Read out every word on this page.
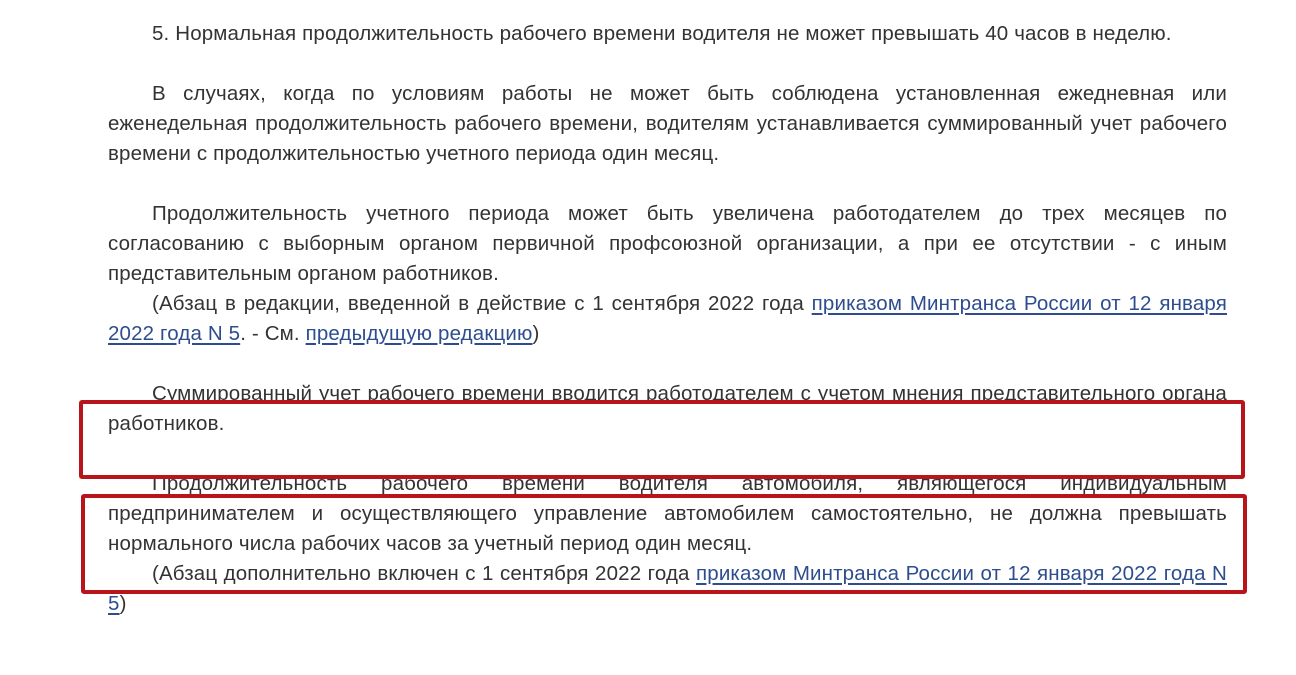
5. Нормальная продолжительность рабочего времени водителя не может превышать 40 часов в неделю.

В случаях, когда по условиям работы не может быть соблюдена установленная ежедневная или еженедельная продолжительность рабочего времени, водителям устанавливается суммированный учет рабочего времени с продолжительностью учетного периода один месяц.

Продолжительность учетного периода может быть увеличена работодателем до трех месяцев по согласованию с выборным органом первичной профсоюзной организации, а при ее отсутствии - с иным представительным органом работников.

(Абзац в редакции, введенной в действие с 1 сентября 2022 года приказом Минтранса России от 12 января 2022 года N 5. - См. предыдущую редакцию)

Суммированный учет рабочего времени вводится работодателем с учетом мнения представительного органа работников.

Продолжительность рабочего времени водителя автомобиля, являющегося индивидуальным предпринимателем и осуществляющего управление автомобилем самостоятельно, не должна превышать нормального числа рабочих часов за учетный период один месяц.

(Абзац дополнительно включен с 1 сентября 2022 года приказом Минтранса России от 12 января 2022 года N 5)
